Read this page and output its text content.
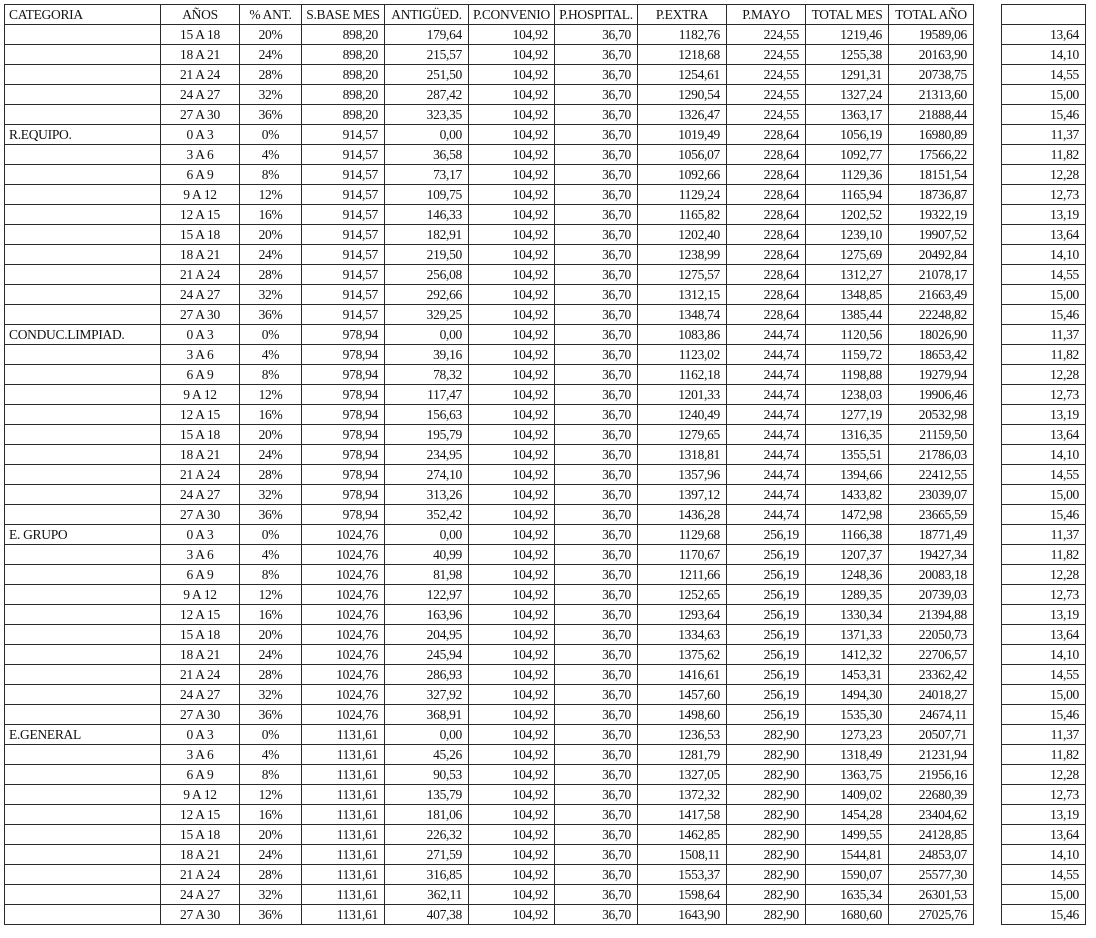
CATEGORIA	AÑOS	% ANT.	S.BASE MES	ANTIGÜED.	P.CONVENIO	P.HOSPITAL.	P.EXTRA	P.MAYO	TOTAL MES	TOTAL AÑO		
	15 A 18	20%	898,20	179,64	104,92	36,70	1182,76	224,55	1219,46	19589,06		13,64
	18 A 21	24%	898,20	215,57	104,92	36,70	1218,68	224,55	1255,38	20163,90		14,10
	21 A 24	28%	898,20	251,50	104,92	36,70	1254,61	224,55	1291,31	20738,75		14,55
	24 A 27	32%	898,20	287,42	104,92	36,70	1290,54	224,55	1327,24	21313,60		15,00
	27 A 30	36%	898,20	323,35	104,92	36,70	1326,47	224,55	1363,17	21888,44		15,46
R.EQUIPO.	0 A 3	0%	914,57	0,00	104,92	36,70	1019,49	228,64	1056,19	16980,89		11,37
	3 A 6	4%	914,57	36,58	104,92	36,70	1056,07	228,64	1092,77	17566,22		11,82
	6 A 9	8%	914,57	73,17	104,92	36,70	1092,66	228,64	1129,36	18151,54		12,28
	9 A 12	12%	914,57	109,75	104,92	36,70	1129,24	228,64	1165,94	18736,87		12,73
	12 A 15	16%	914,57	146,33	104,92	36,70	1165,82	228,64	1202,52	19322,19		13,19
	15 A 18	20%	914,57	182,91	104,92	36,70	1202,40	228,64	1239,10	19907,52		13,64
	18 A 21	24%	914,57	219,50	104,92	36,70	1238,99	228,64	1275,69	20492,84		14,10
	21 A 24	28%	914,57	256,08	104,92	36,70	1275,57	228,64	1312,27	21078,17		14,55
	24 A 27	32%	914,57	292,66	104,92	36,70	1312,15	228,64	1348,85	21663,49		15,00
	27 A 30	36%	914,57	329,25	104,92	36,70	1348,74	228,64	1385,44	22248,82		15,46
CONDUC.LIMPIAD.	0 A 3	0%	978,94	0,00	104,92	36,70	1083,86	244,74	1120,56	18026,90		11,37
	3 A 6	4%	978,94	39,16	104,92	36,70	1123,02	244,74	1159,72	18653,42		11,82
	6 A 9	8%	978,94	78,32	104,92	36,70	1162,18	244,74	1198,88	19279,94		12,28
	9 A 12	12%	978,94	117,47	104,92	36,70	1201,33	244,74	1238,03	19906,46		12,73
	12 A 15	16%	978,94	156,63	104,92	36,70	1240,49	244,74	1277,19	20532,98		13,19
	15 A 18	20%	978,94	195,79	104,92	36,70	1279,65	244,74	1316,35	21159,50		13,64
	18 A 21	24%	978,94	234,95	104,92	36,70	1318,81	244,74	1355,51	21786,03		14,10
	21 A 24	28%	978,94	274,10	104,92	36,70	1357,96	244,74	1394,66	22412,55		14,55
	24 A 27	32%	978,94	313,26	104,92	36,70	1397,12	244,74	1433,82	23039,07		15,00
	27 A 30	36%	978,94	352,42	104,92	36,70	1436,28	244,74	1472,98	23665,59		15,46
E. GRUPO	0 A 3	0%	1024,76	0,00	104,92	36,70	1129,68	256,19	1166,38	18771,49		11,37
	3 A 6	4%	1024,76	40,99	104,92	36,70	1170,67	256,19	1207,37	19427,34		11,82
	6 A 9	8%	1024,76	81,98	104,92	36,70	1211,66	256,19	1248,36	20083,18		12,28
	9 A 12	12%	1024,76	122,97	104,92	36,70	1252,65	256,19	1289,35	20739,03		12,73
	12 A 15	16%	1024,76	163,96	104,92	36,70	1293,64	256,19	1330,34	21394,88		13,19
	15 A 18	20%	1024,76	204,95	104,92	36,70	1334,63	256,19	1371,33	22050,73		13,64
	18 A 21	24%	1024,76	245,94	104,92	36,70	1375,62	256,19	1412,32	22706,57		14,10
	21 A 24	28%	1024,76	286,93	104,92	36,70	1416,61	256,19	1453,31	23362,42		14,55
	24 A 27	32%	1024,76	327,92	104,92	36,70	1457,60	256,19	1494,30	24018,27		15,00
	27 A 30	36%	1024,76	368,91	104,92	36,70	1498,60	256,19	1535,30	24674,11		15,46
E.GENERAL	0 A 3	0%	1131,61	0,00	104,92	36,70	1236,53	282,90	1273,23	20507,71		11,37
	3 A 6	4%	1131,61	45,26	104,92	36,70	1281,79	282,90	1318,49	21231,94		11,82
	6 A 9	8%	1131,61	90,53	104,92	36,70	1327,05	282,90	1363,75	21956,16		12,28
	9 A 12	12%	1131,61	135,79	104,92	36,70	1372,32	282,90	1409,02	22680,39		12,73
	12 A 15	16%	1131,61	181,06	104,92	36,70	1417,58	282,90	1454,28	23404,62		13,19
	15 A 18	20%	1131,61	226,32	104,92	36,70	1462,85	282,90	1499,55	24128,85		13,64
	18 A 21	24%	1131,61	271,59	104,92	36,70	1508,11	282,90	1544,81	24853,07		14,10
	21 A 24	28%	1131,61	316,85	104,92	36,70	1553,37	282,90	1590,07	25577,30		14,55
	24 A 27	32%	1131,61	362,11	104,92	36,70	1598,64	282,90	1635,34	26301,53		15,00
	27 A 30	36%	1131,61	407,38	104,92	36,70	1643,90	282,90	1680,60	27025,76		15,46
